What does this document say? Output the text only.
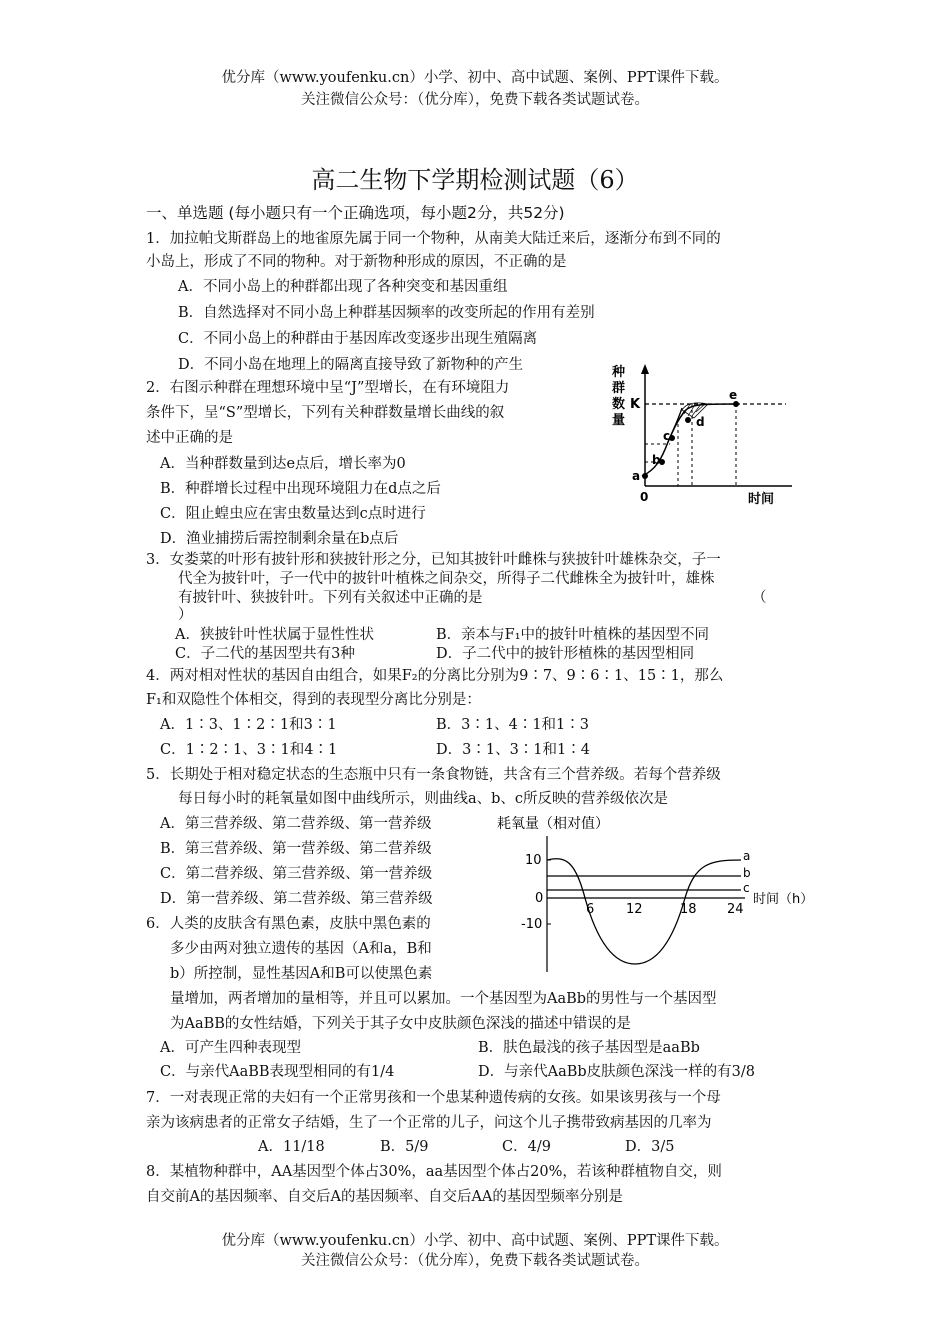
优分库（www.youfenku.cn）小学、初中、高中试题、案例、PPT课件下载。
关注微信公众号：（优分库），免费下载各类试题试卷。
高二生物下学期检测试题（6）
一、单选题 (每小题只有一个正确选项，每小题2分，共52分)
1．加拉帕戈斯群岛上的地雀原先属于同一个物种，从南美大陆迁来后，逐渐分布到不同的
小岛上，形成了不同的物种。对于新物种形成的原因，不正确的是
A．不同小岛上的种群都出现了各种突变和基因重组
B．自然选择对不同小岛上种群基因频率的改变所起的作用有差别
C．不同小岛上的种群由于基因库改变逐步出现生殖隔离
D．不同小岛在地理上的隔离直接导致了新物种的产生
2．右图示种群在理想环境中呈“J”型增长，在有环境阻力
条件下，呈“S”型增长，下列有关种群数量增长曲线的叙
述中正确的是
A．当种群数量到达e点后，增长率为0
B．种群增长过程中出现环境阻力在d点之后
C．阻止蝗虫应在害虫数量达到c点时进行
D．渔业捕捞后需控制剩余量在b点后
种
群
数
量
K
a
b
c
d
e
0	时间
3．女娄菜的叶形有披针形和狭披针形之分，已知其披针叶雌株与狭披针叶雄株杂交，子一
代全为披针叶，子一代中的披针叶植株之间杂交，所得子二代雌株全为披针叶，雄株
有披针叶、狭披针叶。下列有关叙述中正确的是	（
）
A．狭披针叶性状属于显性性状	B．亲本与F₁中的披针叶植株的基因型不同
C．子二代的基因型共有3种	D．子二代中的披针形植株的基因型相同
4．两对相对性状的基因自由组合，如果F₂的分离比分别为9∶7、9∶6∶1、15∶1，那么
F₁和双隐性个体相交，得到的表现型分离比分别是：
A．1∶3、1∶2∶1和3∶1	B．3∶1、4∶1和1∶3
C．1∶2∶1、3∶1和4∶1	D．3∶1、3∶1和1∶4
5．长期处于相对稳定状态的生态瓶中只有一条食物链，共含有三个营养级。若每个营养级
每日每小时的耗氧量如图中曲线所示，则曲线a、b、c所反映的营养级依次是
A．第三营养级、第二营养级、第一营养级
B．第三营养级、第一营养级、第二营养级
C．第二营养级、第三营养级、第一营养级
D．第一营养级、第二营养级、第三营养级
耗氧量（相对值）
10
0
-10
6 12	18 24
时间（h）
a
b
c
6．人类的皮肤含有黑色素，皮肤中黑色素的
多少由两对独立遗传的基因（A和a，B和
b）所控制，显性基因A和B可以使黑色素
量增加，两者增加的量相等，并且可以累加。一个基因型为AaBb的男性与一个基因型
为AaBB的女性结婚，下列关于其子女中皮肤颜色深浅的描述中错误的是
A．可产生四种表现型	B．肤色最浅的孩子基因型是aaBb
C．与亲代AaBB表现型相同的有1/4	D．与亲代AaBb皮肤颜色深浅一样的有3/8
7．一对表现正常的夫妇有一个正常男孩和一个患某种遗传病的女孩。如果该男孩与一个母
亲为该病患者的正常女子结婚，生了一个正常的儿子，问这个儿子携带致病基因的几率为
A．11/18	B．5/9	C．4/9	D．3/5
8．某植物种群中，AA基因型个体占30%，aa基因型个体占20%，若该种群植物自交，则
自交前A的基因频率、自交后A的基因频率、自交后AA的基因型频率分别是
优分库（www.youfenku.cn）小学、初中、高中试题、案例、PPT课件下载。
关注微信公众号：（优分库），免费下载各类试题试卷。
